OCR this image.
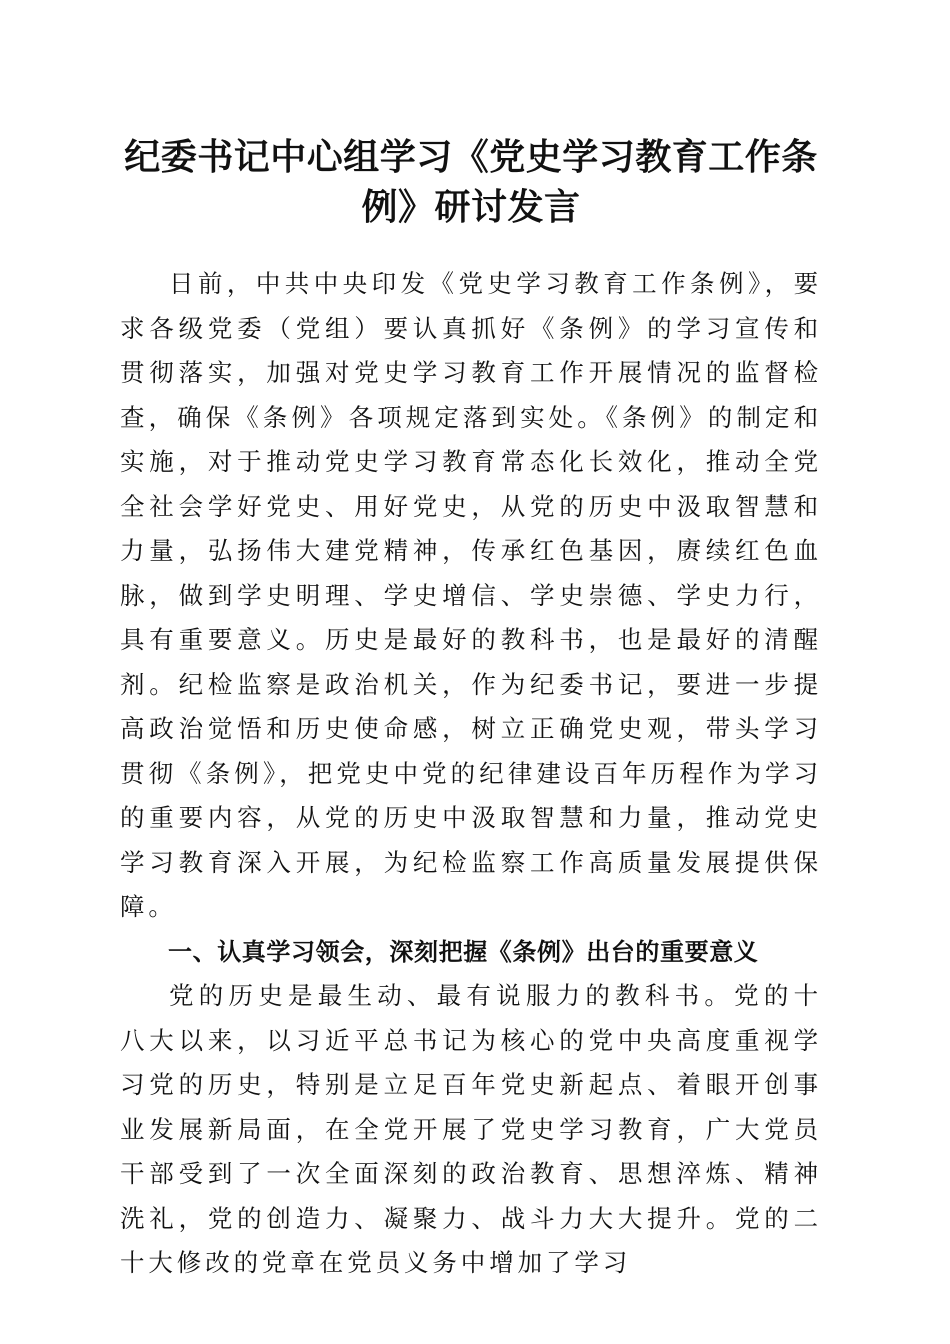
纪委书记中心组学习《党史学习教育工作条例》研讨发言

日前，中共中央印发《党史学习教育工作条例》，要求各级党委（党组）要认真抓好《条例》的学习宣传和贯彻落实，加强对党史学习教育工作开展情况的监督检查，确保《条例》各项规定落到实处。《条例》的制定和实施，对于推动党史学习教育常态化长效化，推动全党全社会学好党史、用好党史，从党的历史中汲取智慧和力量，弘扬伟大建党精神，传承红色基因，赓续红色血脉，做到学史明理、学史增信、学史崇德、学史力行，具有重要意义。历史是最好的教科书，也是最好的清醒剂。纪检监察是政治机关，作为纪委书记，要进一步提高政治觉悟和历史使命感，树立正确党史观，带头学习贯彻《条例》，把党史中党的纪律建设百年历程作为学习的重要内容，从党的历史中汲取智慧和力量，推动党史学习教育深入开展，为纪检监察工作高质量发展提供保障。

一、认真学习领会，深刻把握《条例》出台的重要意义

党的历史是最生动、最有说服力的教科书。党的十八大以来，以习近平总书记为核心的党中央高度重视学习党的历史，特别是立足百年党史新起点、着眼开创事业发展新局面，在全党开展了党史学习教育，广大党员干部受到了一次全面深刻的政治教育、思想淬炼、精神洗礼，党的创造力、凝聚力、战斗力大大提升。党的二十大修改的党章在党员义务中增加了学习
